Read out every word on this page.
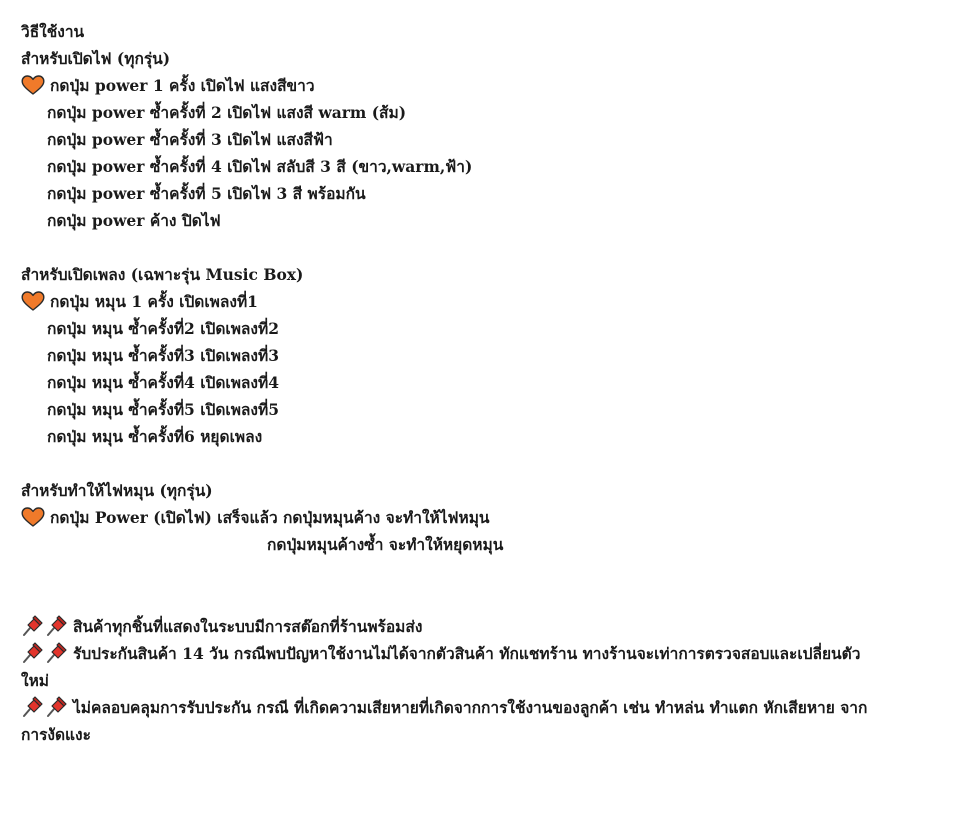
วิธีใช้งาน
สำหรับเปิดไฟ (ทุกรุ่น)
กดปุ่ม power 1 ครั้ง เปิดไฟ แสงสีขาว
กดปุ่ม power ซ้ำครั้งที่ 2 เปิดไฟ แสงสี warm (ส้ม)
กดปุ่ม power ซ้ำครั้งที่ 3 เปิดไฟ แสงสีฟ้า
กดปุ่ม power ซ้ำครั้งที่ 4 เปิดไฟ สลับสี 3 สี (ขาว,warm,ฟ้า)
กดปุ่ม power ซ้ำครั้งที่ 5 เปิดไฟ 3 สี พร้อมกัน
กดปุ่ม power ค้าง ปิดไฟ
สำหรับเปิดเพลง (เฉพาะรุ่น Music Box)
กดปุ่ม หมุน 1 ครั้ง เปิดเพลงที่1
กดปุ่ม หมุน ซ้ำครั้งที่2 เปิดเพลงที่2
กดปุ่ม หมุน ซ้ำครั้งที่3 เปิดเพลงที่3
กดปุ่ม หมุน ซ้ำครั้งที่4 เปิดเพลงที่4
กดปุ่ม หมุน ซ้ำครั้งที่5 เปิดเพลงที่5
กดปุ่ม หมุน ซ้ำครั้งที่6 หยุดเพลง
สำหรับทำให้ไฟหมุน (ทุกรุ่น)
กดปุ่ม Power (เปิดไฟ) เสร็จแล้ว กดปุ่มหมุนค้าง จะทำให้ไฟหมุน
กดปุ่มหมุนค้างซ้ำ จะทำให้หยุดหมุน
สินค้าทุกชิ้นที่แสดงในระบบมีการสต๊อกที่ร้านพร้อมส่ง
รับประกันสินค้า 14 วัน กรณีพบปัญหาใช้งานไม่ได้จากตัวสินค้า ทักแชทร้าน ทางร้านจะเท่าการตรวจสอบและเปลี่ยนตัวใหม่
ไม่คลอบคลุมการรับประกัน กรณี ที่เกิดความเสียหายที่เกิดจากการใช้งานของลูกค้า เช่น ทำหล่น ทำแตก หักเสียหาย จากการงัดแงะ
